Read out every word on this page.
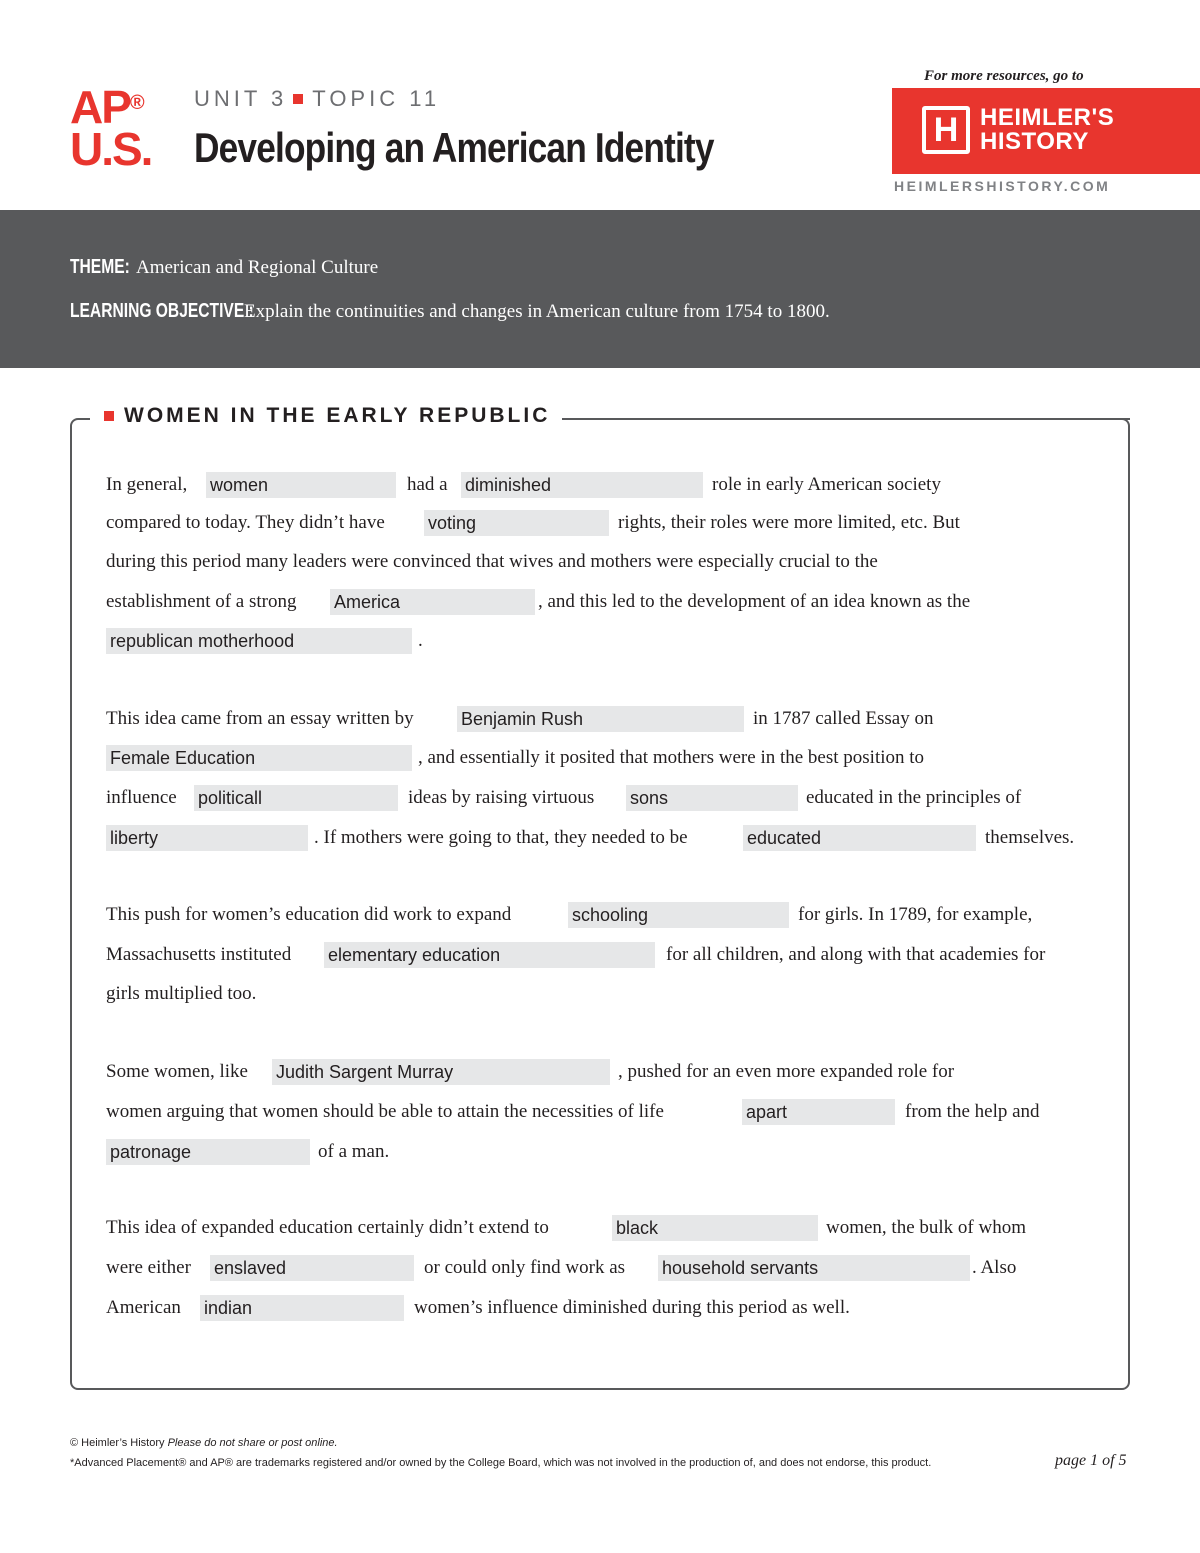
AP®
U.S.
UNIT 3 TOPIC 11
Developing an American Identity
For more resources, go to
H HEIMLER'S
HISTORY
HEIMLERSHISTORY.COM
THEME: American and Regional Culture
LEARNING OBJECTIVE : Explain the continuities and changes in American culture from 1754 to 1800.
WOMEN IN THE EARLY REPUBLIC
In general, women	had a diminished	role in early American society
compared to today. They didn’t have voting	rights, their roles were more limited, etc. But
during this period many leaders were convinced that wives and mothers were especially crucial to the
establishment of a strong America	, and this led to the development of an idea known as the
republican motherhood	.
This idea came from an essay written by	Benjamin Rush	in 1787 called Essay on
Female Education	, and essentially it posited that mothers were in the best position to
influence politicall	ideas by raising virtuous sons	educated in the principles of
liberty	. If mothers were going to that, they needed to be	educated	themselves.
This push for women’s education did work to expand	schooling	for girls. In 1789, for example,
Massachusetts instituted elementary education	for all children, and along with that academies for
girls multiplied too.
Some women, like Judith Sargent Murray	, pushed for an even more expanded role for
women arguing that women should be able to attain the necessities of life	apart	from the help and
patronage	of a man.
This idea of expanded education certainly didn’t extend to	black	women, the bulk of whom
were either enslaved	or could only find work as household servants	. Also
American indian	women’s influence diminished during this period as well.
© Heimler’s History Please do not share or post online.
*Advanced Placement® and AP® are trademarks registered and/or owned by the College Board, which was not involved in the production of, and does not endorse, this product.	page 1 of 5
